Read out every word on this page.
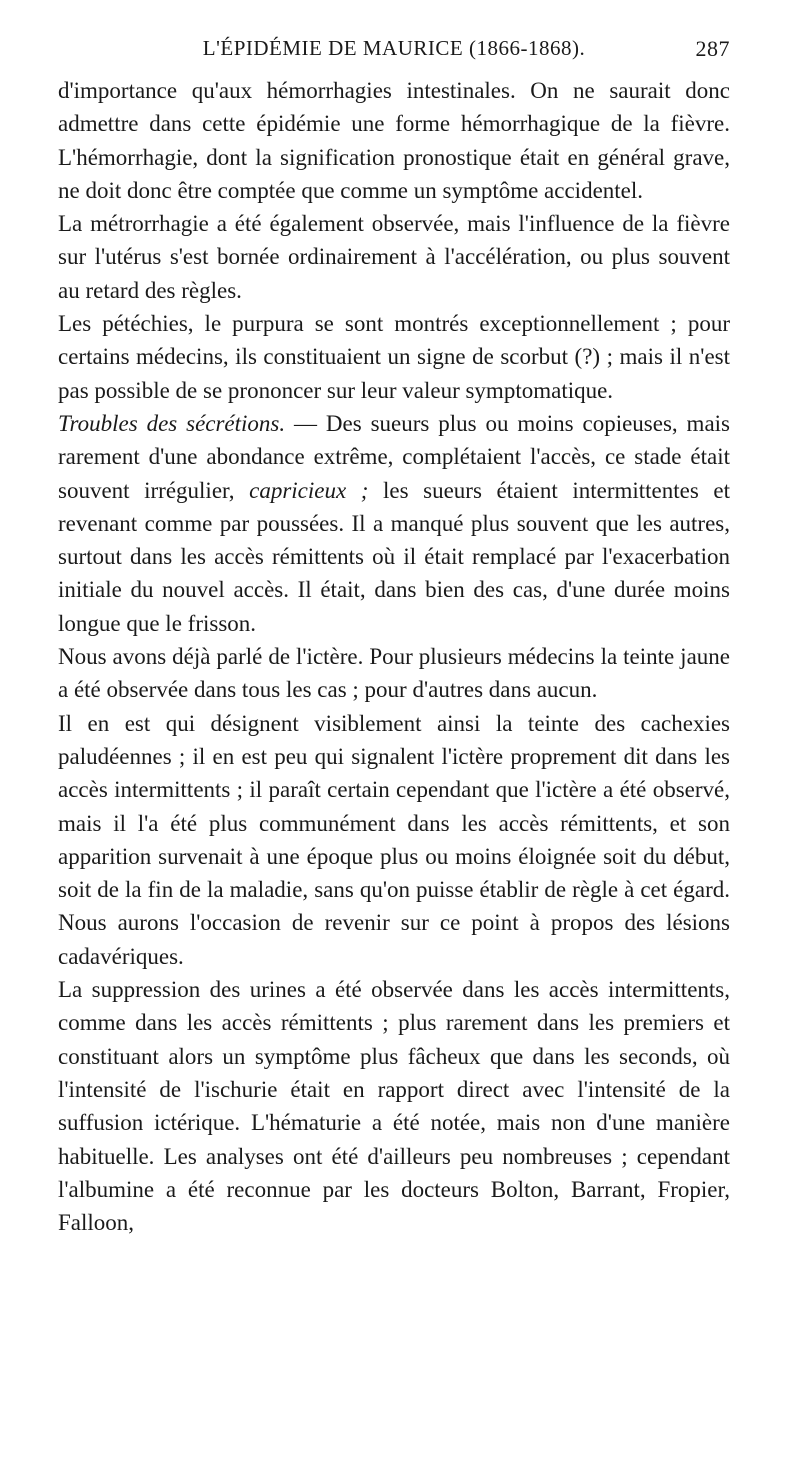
L'ÉPIDÉMIE DE MAURICE (1866-1868).	287

d'importance qu'aux hémorrhagies intestinales. On ne saurait donc admettre dans cette épidémie une forme hémorrhagique de la fièvre. L'hémorrhagie, dont la signification pronostique était en général grave, ne doit donc être comptée que comme un symptôme accidentel.

La métrorrhagie a été également observée, mais l'influence de la fièvre sur l'utérus s'est bornée ordinairement à l'accélération, ou plus souvent au retard des règles.

Les pétéchies, le purpura se sont montrés exceptionnellement ; pour certains médecins, ils constituaient un signe de scorbut (?) ; mais il n'est pas possible de se prononcer sur leur valeur symptomatique.

Troubles des sécrétions. — Des sueurs plus ou moins copieuses, mais rarement d'une abondance extrême, complétaient l'accès, ce stade était souvent irrégulier, capricieux ; les sueurs étaient intermittentes et revenant comme par poussées. Il a manqué plus souvent que les autres, surtout dans les accès rémittents où il était remplacé par l'exacerbation initiale du nouvel accès. Il était, dans bien des cas, d'une durée moins longue que le frisson.

Nous avons déjà parlé de l'ictère. Pour plusieurs médecins la teinte jaune a été observée dans tous les cas ; pour d'autres dans aucun.

Il en est qui désignent visiblement ainsi la teinte des cachexies paludéennes ; il en est peu qui signalent l'ictère proprement dit dans les accès intermittents ; il paraît certain cependant que l'ictère a été observé, mais il l'a été plus communément dans les accès rémittents, et son apparition survenait à une époque plus ou moins éloignée soit du début, soit de la fin de la maladie, sans qu'on puisse établir de règle à cet égard. Nous aurons l'occasion de revenir sur ce point à propos des lésions cadavériques.

La suppression des urines a été observée dans les accès intermittents, comme dans les accès rémittents ; plus rarement dans les premiers et constituant alors un symptôme plus fâcheux que dans les seconds, où l'intensité de l'ischurie était en rapport direct avec l'intensité de la suffusion ictérique. L'hématurie a été notée, mais non d'une manière habituelle. Les analyses ont été d'ailleurs peu nombreuses ; cependant l'albumine a été reconnue par les docteurs Bolton, Barrant, Fropier, Falloon,
